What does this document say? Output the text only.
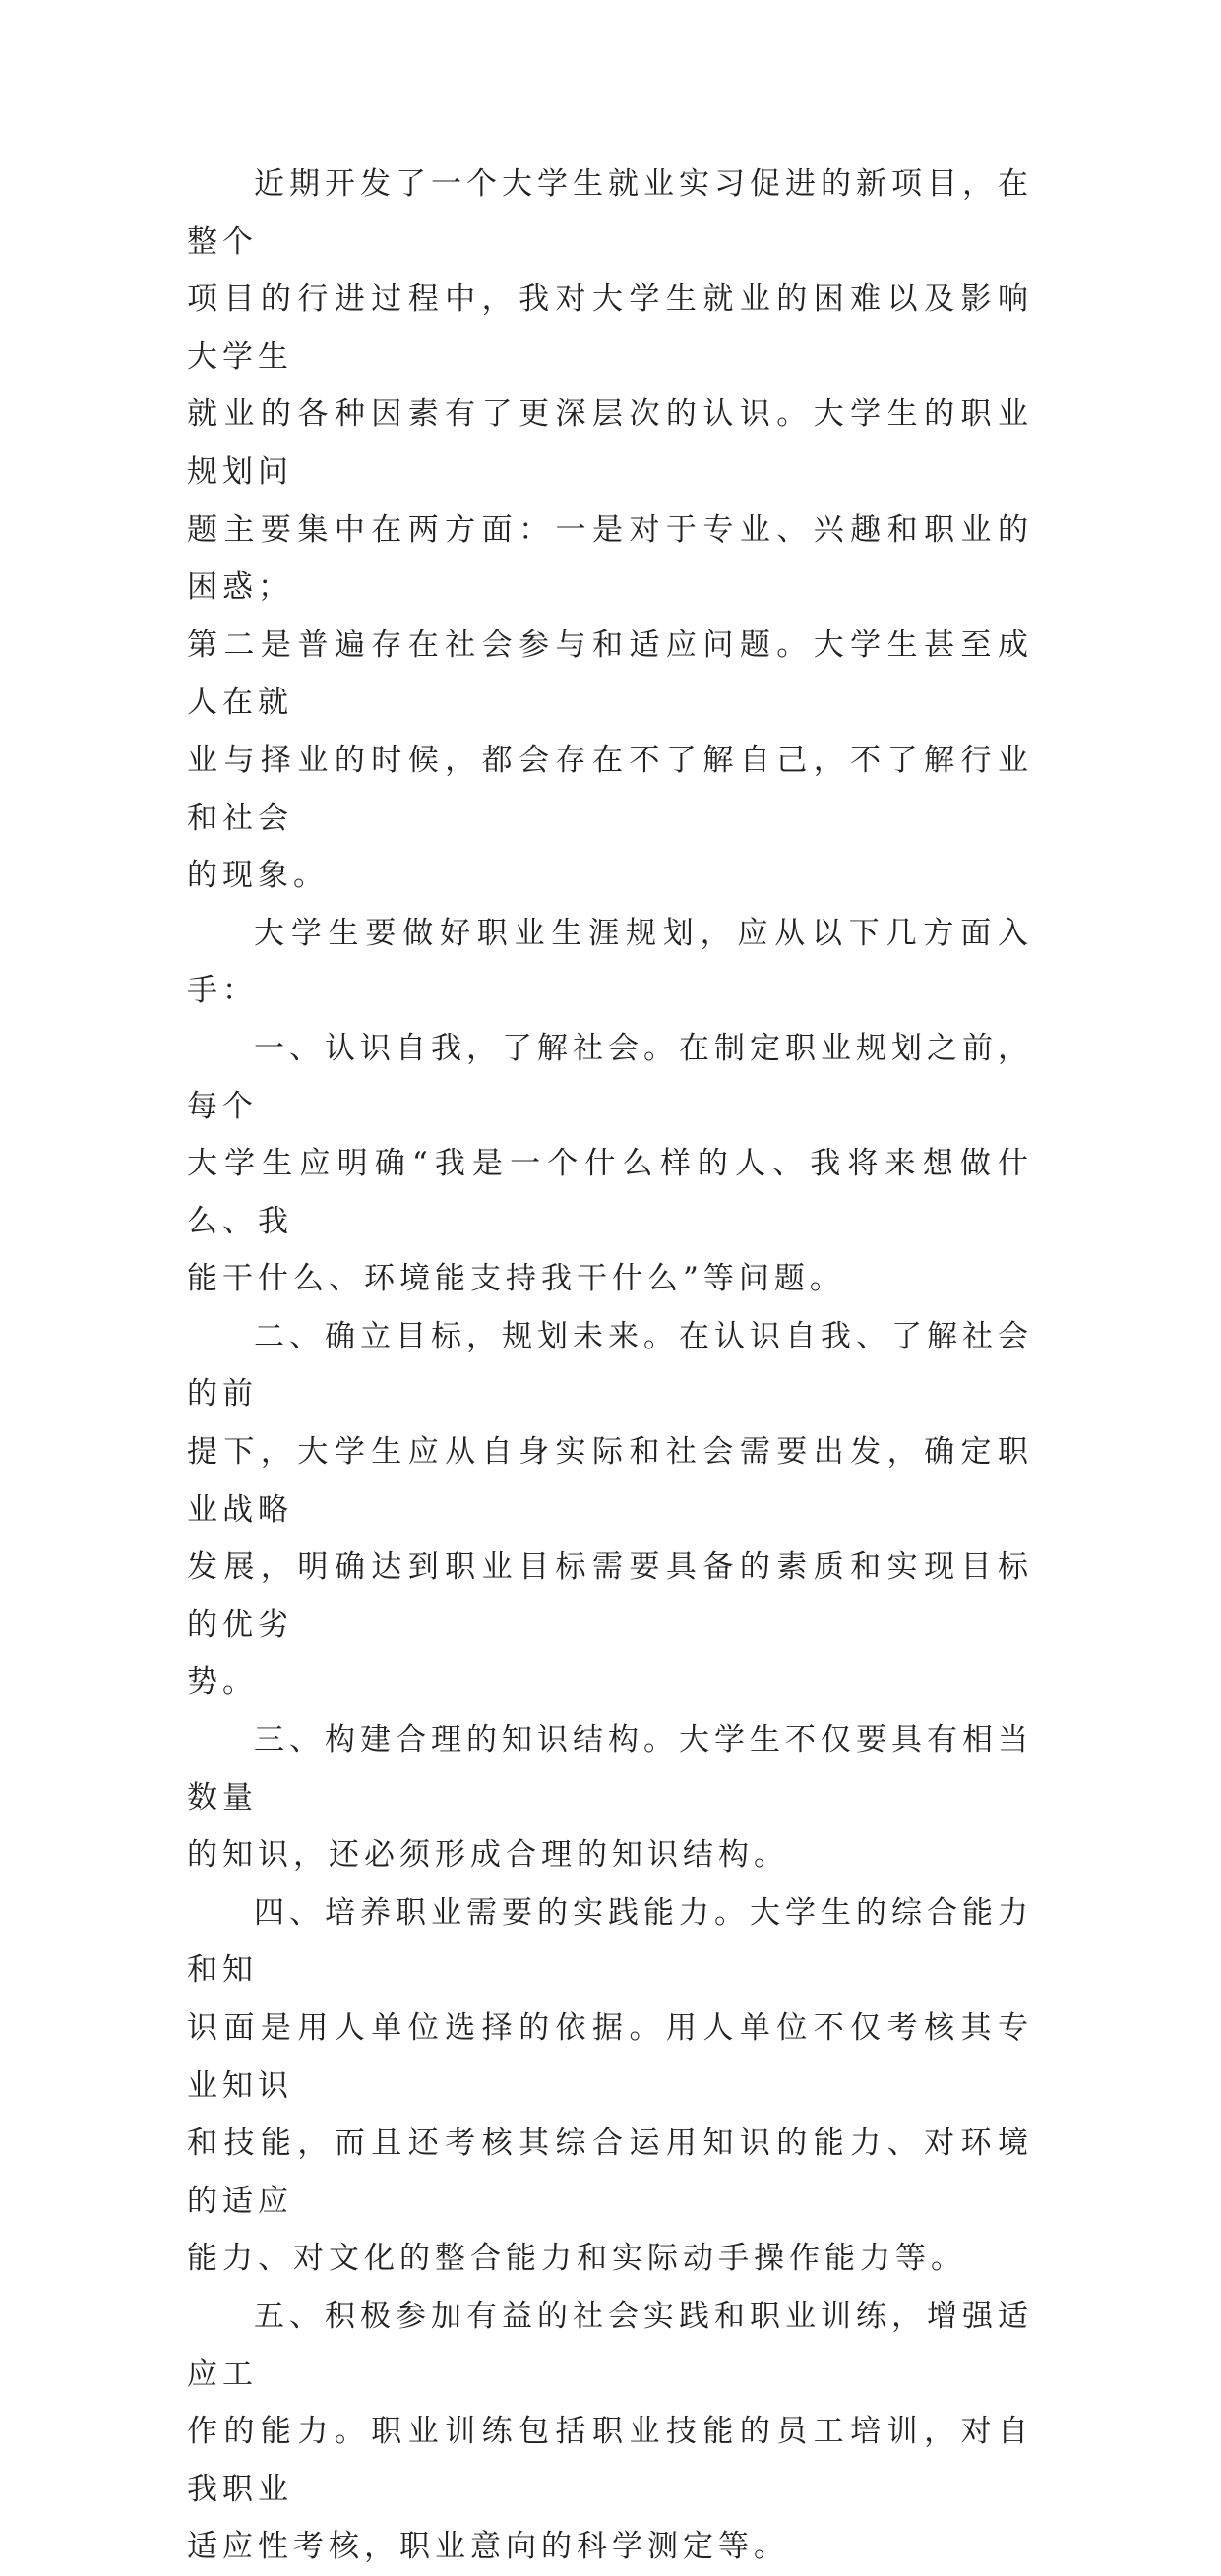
近期开发了一个大学生就业实习促进的新项目，在整个
项目的行进过程中，我对大学生就业的困难以及影响大学生
就业的各种因素有了更深层次的认识。大学生的职业规划问
题主要集中在两方面：一是对于专业、兴趣和职业的困惑；
第二是普遍存在社会参与和适应问题。大学生甚至成人在就
业与择业的时候，都会存在不了解自己，不了解行业和社会
的现象。

大学生要做好职业生涯规划，应从以下几方面入手：

一、认识自我，了解社会。在制定职业规划之前，每个
大学生应明确“我是一个什么样的人、我将来想做什么、我
能干什么、环境能支持我干什么”等问题。

二、确立目标，规划未来。在认识自我、了解社会的前
提下，大学生应从自身实际和社会需要出发，确定职业战略
发展，明确达到职业目标需要具备的素质和实现目标的优劣
势。

三、构建合理的知识结构。大学生不仅要具有相当数量
的知识，还必须形成合理的知识结构。

四、培养职业需要的实践能力。大学生的综合能力和知
识面是用人单位选择的依据。用人单位不仅考核其专业知识
和技能，而且还考核其综合运用知识的能力、对环境的适应
能力、对文化的整合能力和实际动手操作能力等。

五、积极参加有益的社会实践和职业训练，增强适应工
作的能力。职业训练包括职业技能的员工培训，对自我职业
适应性考核，职业意向的科学测定等。
